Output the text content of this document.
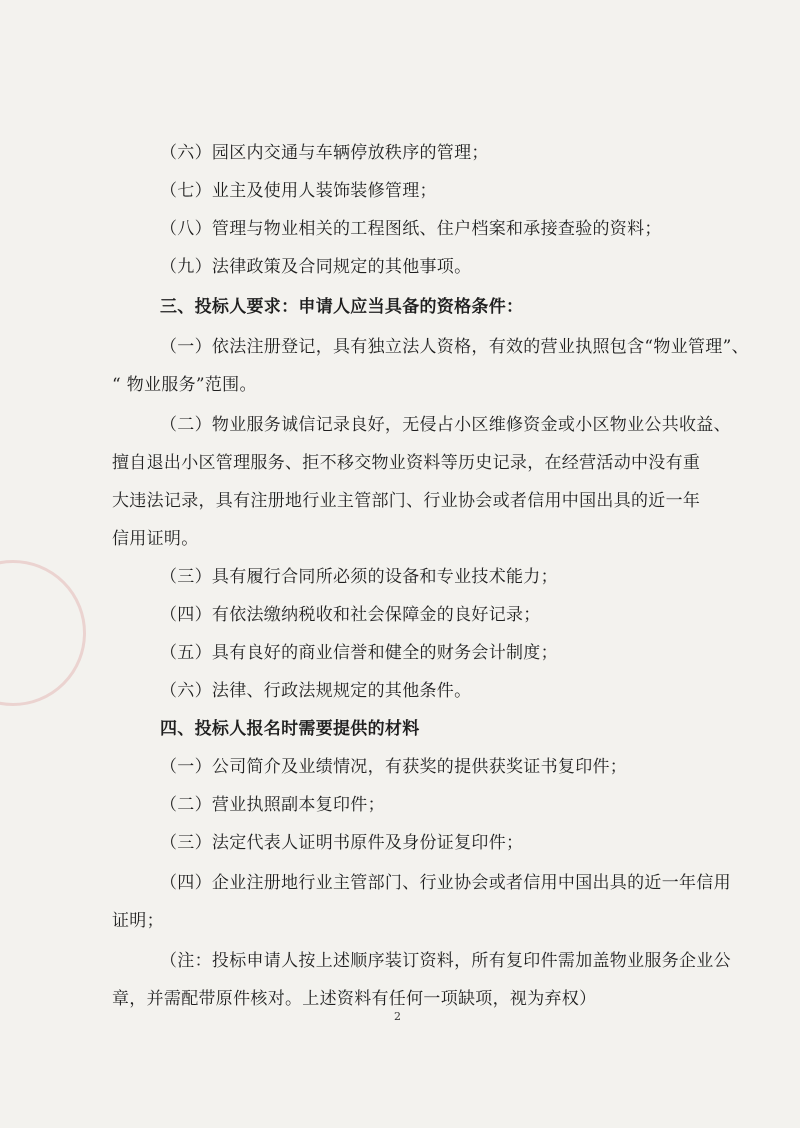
（六）园区内交通与车辆停放秩序的管理；
（七）业主及使用人装饰装修管理；
（八）管理与物业相关的工程图纸、住户档案和承接查验的资料；
（九）法律政策及合同规定的其他事项。
三、投标人要求：申请人应当具备的资格条件：
（一）依法注册登记，具有独立法人资格，有效的营业执照包含“物业管理”、
“ 物业服务”范围。
（二）物业服务诚信记录良好，无侵占小区维修资金或小区物业公共收益、
擅自退出小区管理服务、拒不移交物业资料等历史记录，在经营活动中没有重
大违法记录，具有注册地行业主管部门、行业协会或者信用中国出具的近一年
信用证明。
（三）具有履行合同所必须的设备和专业技术能力；
（四）有依法缴纳税收和社会保障金的良好记录；
（五）具有良好的商业信誉和健全的财务会计制度；
（六）法律、行政法规规定的其他条件。
四、投标人报名时需要提供的材料
（一）公司简介及业绩情况，有获奖的提供获奖证书复印件；
（二）营业执照副本复印件；
（三）法定代表人证明书原件及身份证复印件；
（四）企业注册地行业主管部门、行业协会或者信用中国出具的近一年信用
证明；
（注：投标申请人按上述顺序装订资料，所有复印件需加盖物业服务企业公
章，并需配带原件核对。上述资料有任何一项缺项，视为弃权）
2
